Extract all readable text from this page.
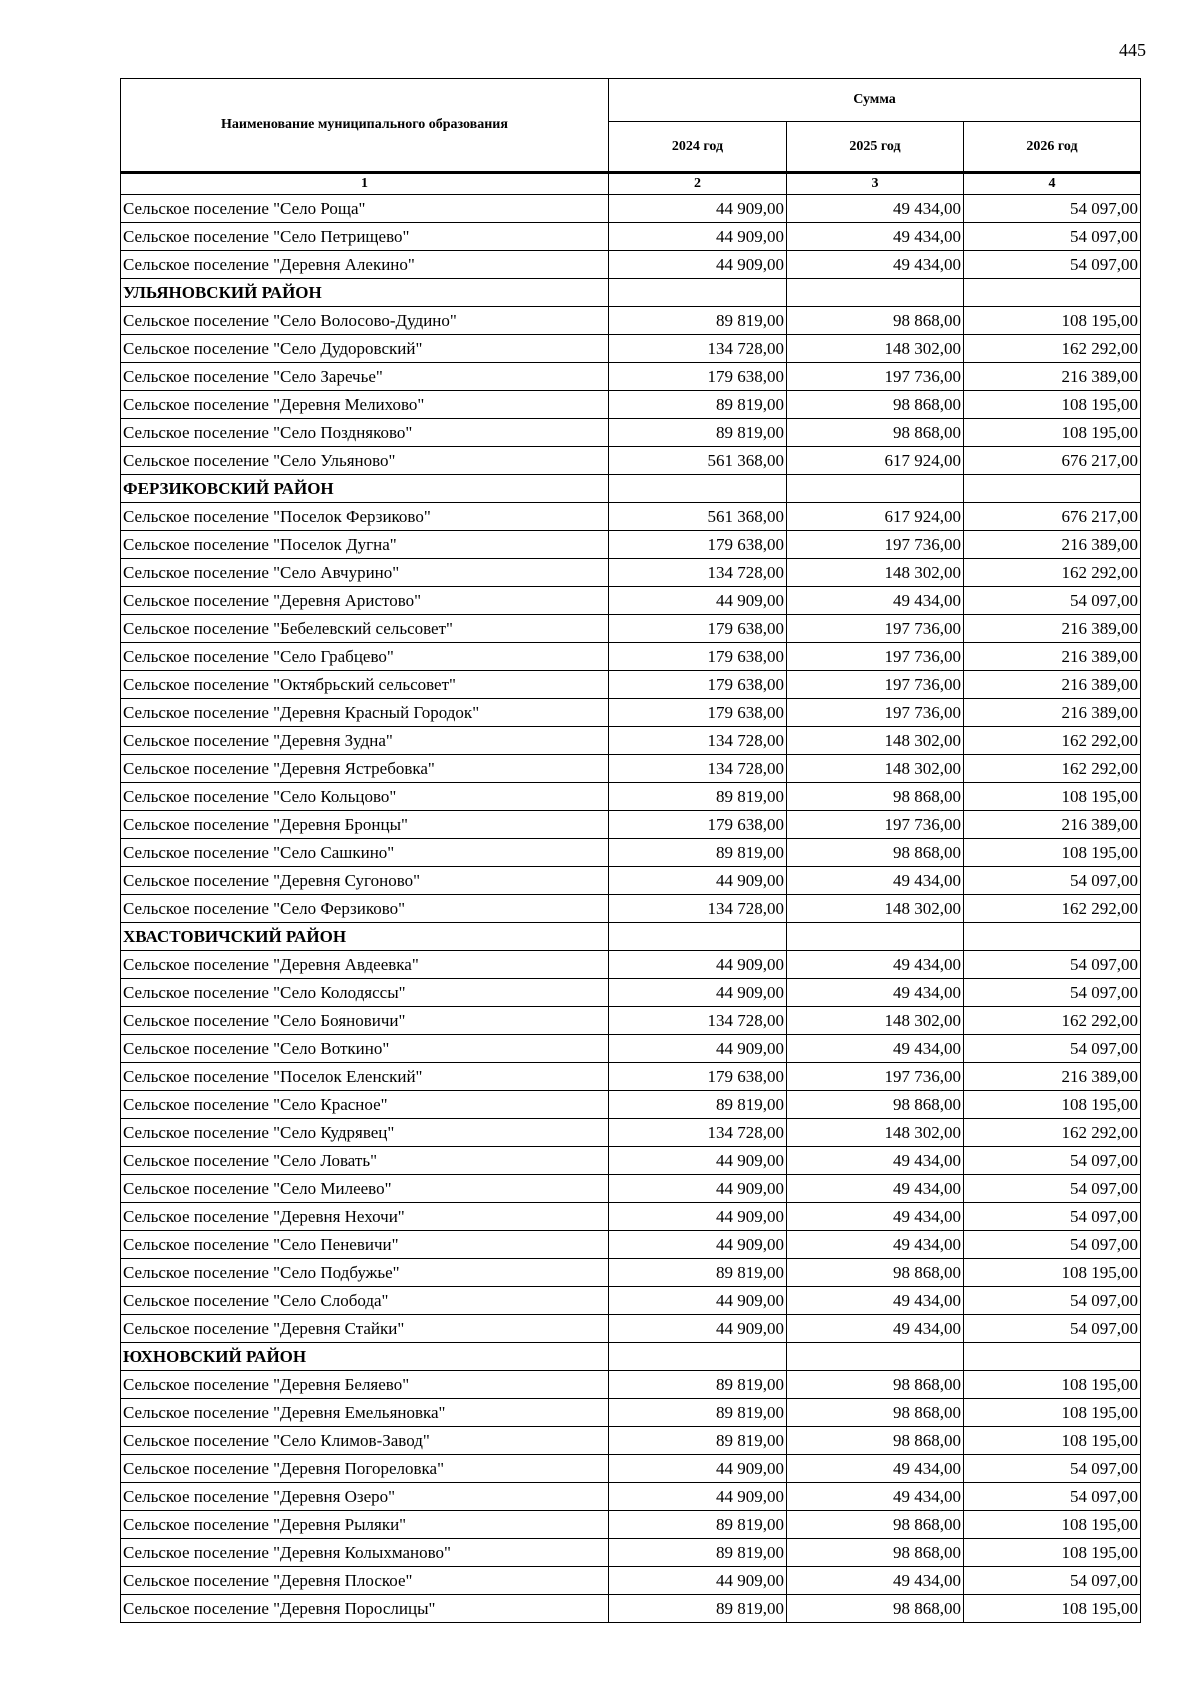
445
Наименование муниципального образования	Сумма		
	2024 год	2025 год	2026 год
1	2	3	4
Сельское поселение "Село Роща"	44 909,00	49 434,00	54 097,00
Сельское поселение "Село Петрищево"	44 909,00	49 434,00	54 097,00
Сельское поселение "Деревня Алекино"	44 909,00	49 434,00	54 097,00
УЛЬЯНОВСКИЙ РАЙОН			
Сельское поселение "Село Волосово-Дудино"	89 819,00	98 868,00	108 195,00
Сельское поселение "Село Дудоровский"	134 728,00	148 302,00	162 292,00
Сельское поселение "Село Заречье"	179 638,00	197 736,00	216 389,00
Сельское поселение "Деревня Мелихово"	89 819,00	98 868,00	108 195,00
Сельское поселение "Село Поздняково"	89 819,00	98 868,00	108 195,00
Сельское поселение "Село Ульяново"	561 368,00	617 924,00	676 217,00
ФЕРЗИКОВСКИЙ РАЙОН			
Сельское поселение "Поселок Ферзиково"	561 368,00	617 924,00	676 217,00
Сельское поселение "Поселок Дугна"	179 638,00	197 736,00	216 389,00
Сельское поселение "Село Авчурино"	134 728,00	148 302,00	162 292,00
Сельское поселение "Деревня Аристово"	44 909,00	49 434,00	54 097,00
Сельское поселение "Бебелевский сельсовет"	179 638,00	197 736,00	216 389,00
Сельское поселение "Село Грабцево"	179 638,00	197 736,00	216 389,00
Сельское поселение "Октябрьский сельсовет"	179 638,00	197 736,00	216 389,00
Сельское поселение "Деревня Красный Городок"	179 638,00	197 736,00	216 389,00
Сельское поселение "Деревня Зудна"	134 728,00	148 302,00	162 292,00
Сельское поселение "Деревня Ястребовка"	134 728,00	148 302,00	162 292,00
Сельское поселение "Село Кольцово"	89 819,00	98 868,00	108 195,00
Сельское поселение "Деревня Бронцы"	179 638,00	197 736,00	216 389,00
Сельское поселение "Село Сашкино"	89 819,00	98 868,00	108 195,00
Сельское поселение "Деревня Сугоново"	44 909,00	49 434,00	54 097,00
Сельское поселение "Село Ферзиково"	134 728,00	148 302,00	162 292,00
ХВАСТОВИЧСКИЙ РАЙОН			
Сельское поселение "Деревня Авдеевка"	44 909,00	49 434,00	54 097,00
Сельское поселение "Село Колодяссы"	44 909,00	49 434,00	54 097,00
Сельское поселение "Село Бояновичи"	134 728,00	148 302,00	162 292,00
Сельское поселение "Село Воткино"	44 909,00	49 434,00	54 097,00
Сельское поселение "Поселок Еленский"	179 638,00	197 736,00	216 389,00
Сельское поселение "Село Красное"	89 819,00	98 868,00	108 195,00
Сельское поселение "Село Кудрявец"	134 728,00	148 302,00	162 292,00
Сельское поселение "Село Ловать"	44 909,00	49 434,00	54 097,00
Сельское поселение "Село Милеево"	44 909,00	49 434,00	54 097,00
Сельское поселение "Деревня Нехочи"	44 909,00	49 434,00	54 097,00
Сельское поселение "Село Пеневичи"	44 909,00	49 434,00	54 097,00
Сельское поселение "Село Подбужье"	89 819,00	98 868,00	108 195,00
Сельское поселение "Село Слобода"	44 909,00	49 434,00	54 097,00
Сельское поселение "Деревня Стайки"	44 909,00	49 434,00	54 097,00
ЮХНОВСКИЙ РАЙОН			
Сельское поселение "Деревня Беляево"	89 819,00	98 868,00	108 195,00
Сельское поселение "Деревня Емельяновка"	89 819,00	98 868,00	108 195,00
Сельское поселение "Село Климов-Завод"	89 819,00	98 868,00	108 195,00
Сельское поселение "Деревня Погореловка"	44 909,00	49 434,00	54 097,00
Сельское поселение "Деревня Озеро"	44 909,00	49 434,00	54 097,00
Сельское поселение "Деревня Рыляки"	89 819,00	98 868,00	108 195,00
Сельское поселение "Деревня Колыхманово"	89 819,00	98 868,00	108 195,00
Сельское поселение "Деревня Плоское"	44 909,00	49 434,00	54 097,00
Сельское поселение "Деревня Порослицы"	89 819,00	98 868,00	108 195,00
